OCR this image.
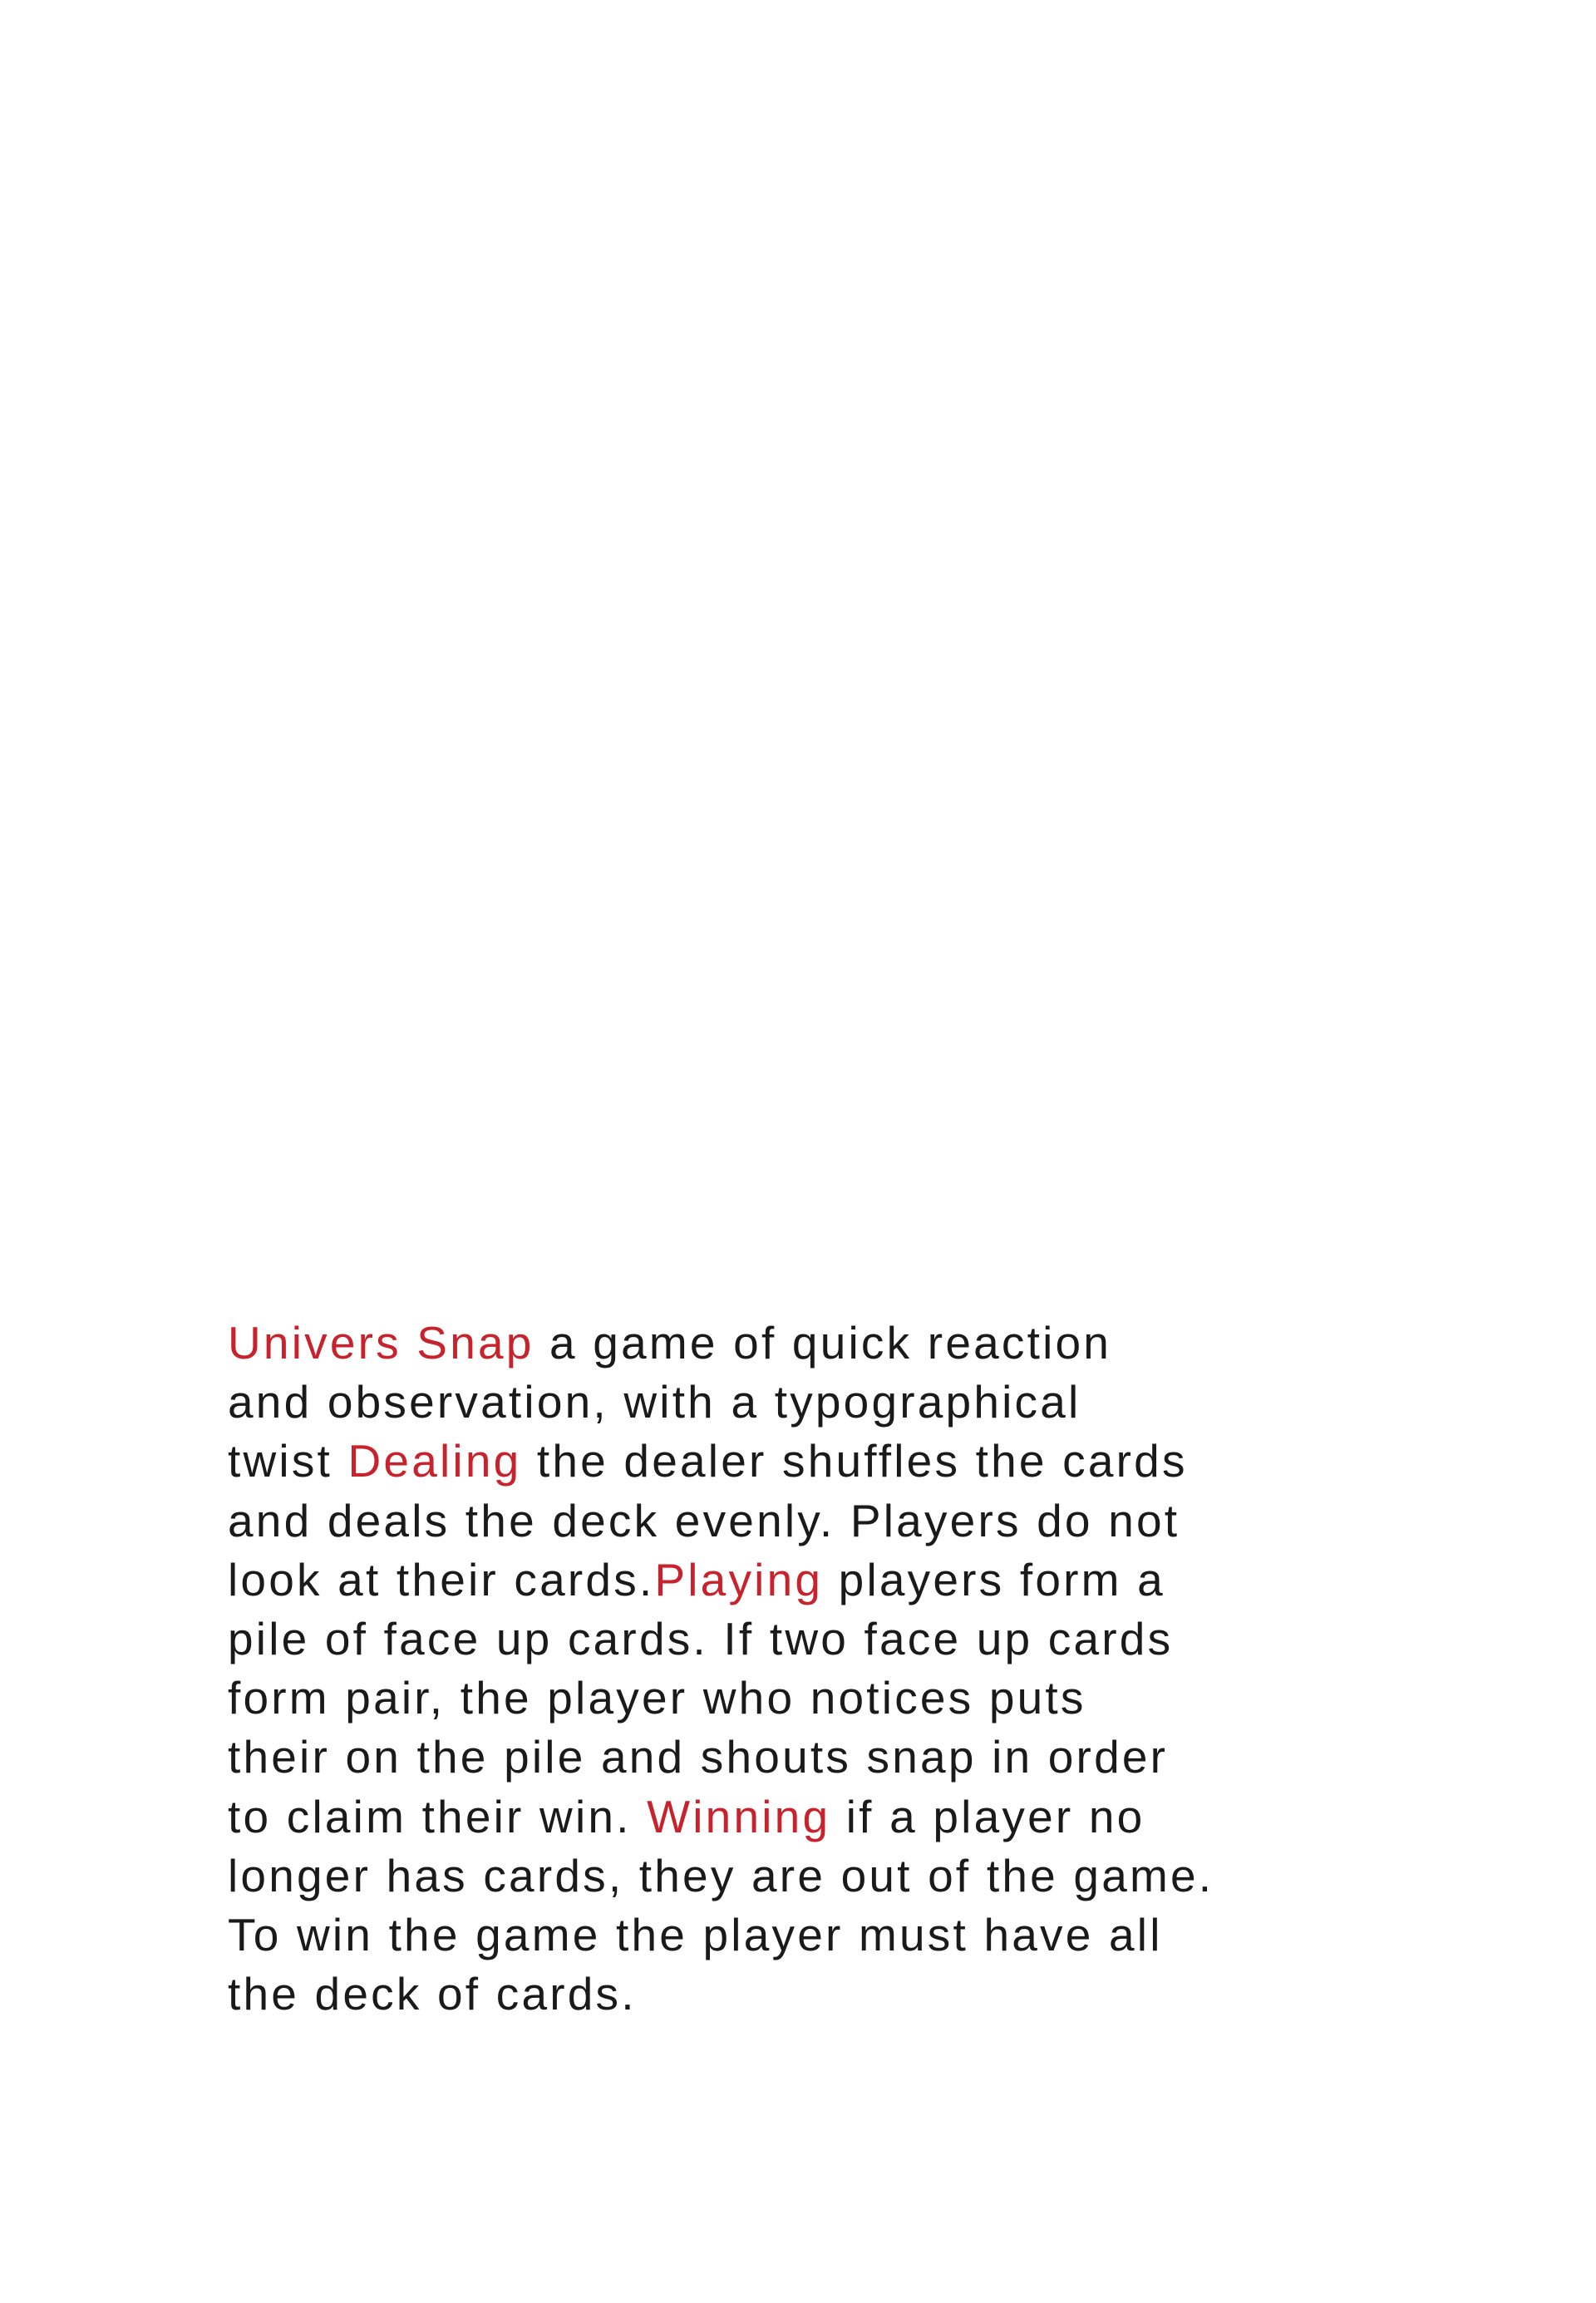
Univers Snap a game of quick reaction
and observation, with a typographical
twist Dealing the dealer shuffles the cards
and deals the deck evenly. Players do not
look at their cards.Playing players form a
pile of face up cards. If two face up cards
form pair, the player who notices puts
their on the pile and shouts snap in order
to claim their win. Winning if a player no
longer has cards, they are out of the game.
To win the game the player must have all
the deck of cards.
